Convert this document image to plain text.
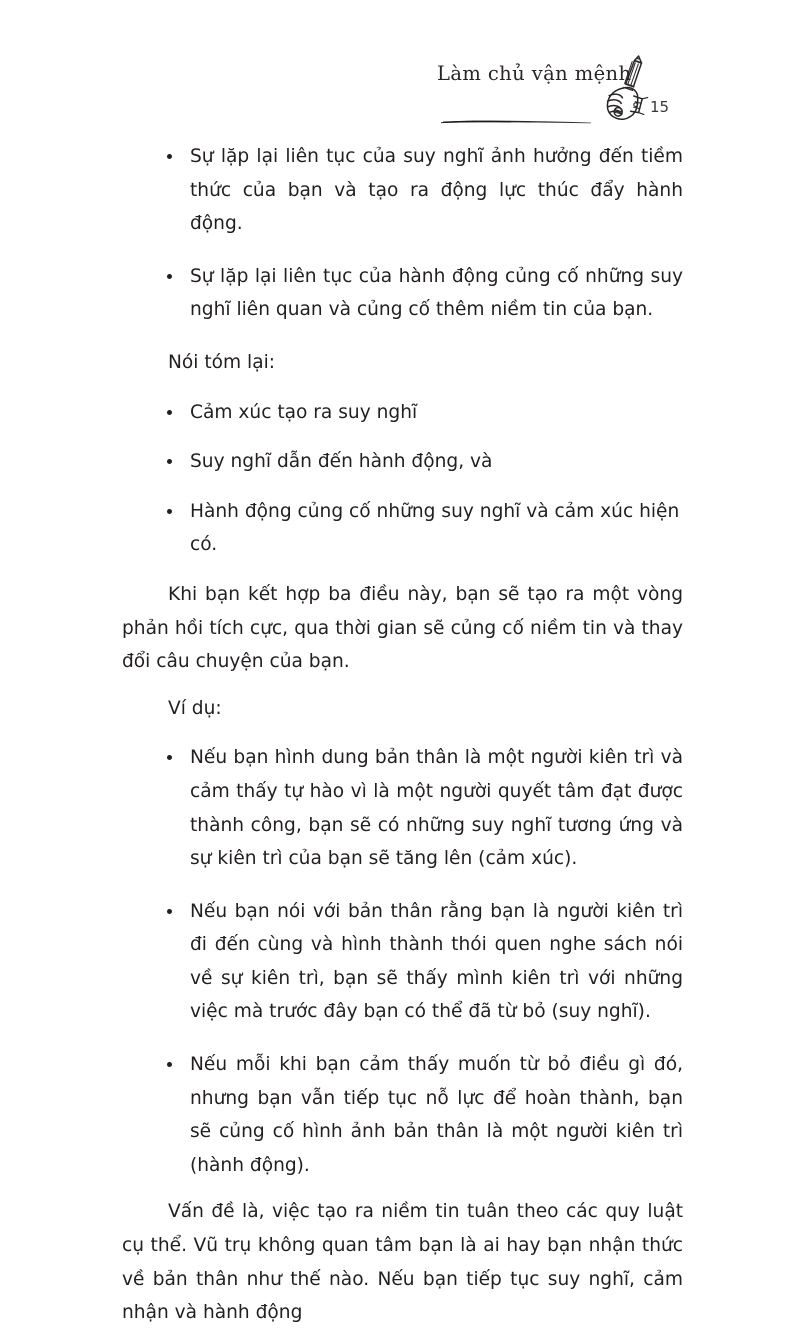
Làm chủ vận mệnh
15
Sự lặp lại liên tục của suy nghĩ ảnh hưởng đến tiềm thức của bạn và tạo ra động lực thúc đẩy hành động.
Sự lặp lại liên tục của hành động củng cố những suy nghĩ liên quan và củng cố thêm niềm tin của bạn.

Nói tóm lại:

Cảm xúc tạo ra suy nghĩ
Suy nghĩ dẫn đến hành động, và
Hành động củng cố những suy nghĩ và cảm xúc hiện có.

Khi bạn kết hợp ba điều này, bạn sẽ tạo ra một vòng phản hồi tích cực, qua thời gian sẽ củng cố niềm tin và thay đổi câu chuyện của bạn.

Ví dụ:

Nếu bạn hình dung bản thân là một người kiên trì và cảm thấy tự hào vì là một người quyết tâm đạt được thành công, bạn sẽ có những suy nghĩ tương ứng và sự kiên trì của bạn sẽ tăng lên (cảm xúc).
Nếu bạn nói với bản thân rằng bạn là người kiên trì đi đến cùng và hình thành thói quen nghe sách nói về sự kiên trì, bạn sẽ thấy mình kiên trì với những việc mà trước đây bạn có thể đã từ bỏ (suy nghĩ).
Nếu mỗi khi bạn cảm thấy muốn từ bỏ điều gì đó, nhưng bạn vẫn tiếp tục nỗ lực để hoàn thành, bạn sẽ củng cố hình ảnh bản thân là một người kiên trì (hành động).

Vấn đề là, việc tạo ra niềm tin tuân theo các quy luật cụ thể. Vũ trụ không quan tâm bạn là ai hay bạn nhận thức về bản thân như thế nào. Nếu bạn tiếp tục suy nghĩ, cảm nhận và hành động
